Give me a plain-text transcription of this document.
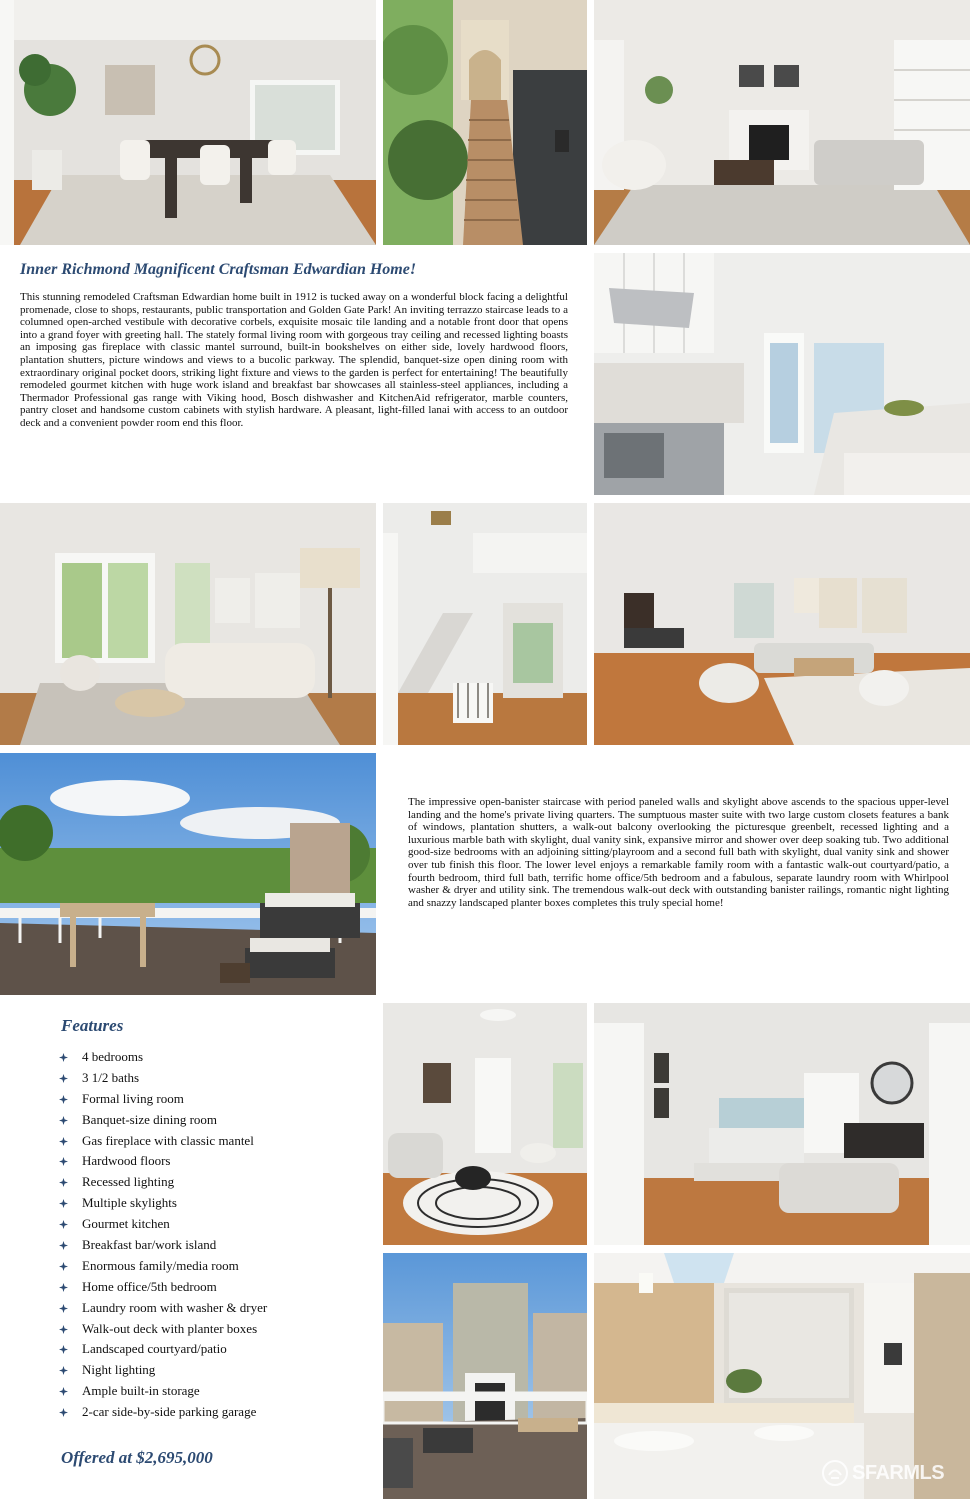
Inner Richmond Magnificent Craftsman Edwardian Home!

This stunning remodeled Craftsman Edwardian home built in 1912 is tucked away on a wonderful block facing a delightful promenade, close to shops, restaurants, public transportation and Golden Gate Park! An inviting terrazzo staircase leads to a columned open-arched vestibule with decorative corbels, exquisite mosaic tile landing and a notable front door that opens into a grand foyer with greeting hall. The stately formal living room with gorgeous tray ceiling and recessed lighting boasts an imposing gas fireplace with classic mantel surround, built-in bookshelves on either side, lovely hardwood floors, plantation shutters, picture windows and views to a bucolic parkway. The splendid, banquet-size open dining room with extraordinary original pocket doors, striking light fixture and views to the garden is perfect for entertaining! The beautifully remodeled gourmet kitchen with huge work island and breakfast bar showcases all stainless-steel appliances, including a Thermador Professional gas range with Viking hood, Bosch dishwasher and KitchenAid refrigerator, marble counters, pantry closet and handsome custom cabinets with stylish hardware. A pleasant, light-filled lanai with access to an outdoor deck and a convenient powder room end this floor.

The impressive open-banister staircase with period paneled walls and skylight above ascends to the spacious upper-level landing and the home's private living quarters. The sumptuous master suite with two large custom closets features a bank of windows, plantation shutters, a walk-out balcony overlooking the picturesque greenbelt, recessed lighting and a luxurious marble bath with skylight, dual vanity sink, expansive mirror and shower over deep soaking tub. Two additional good-size bedrooms with an adjoining sitting/playroom and a second full bath with skylight, dual vanity sink and shower over tub finish this floor. The lower level enjoys a remarkable family room with a fantastic walk-out courtyard/patio, a fourth bedroom, third full bath, terrific home office/5th bedroom and a fabulous, separate laundry room with Whirlpool washer & dryer and utility sink. The tremendous walk-out deck with outstanding banister railings, romantic night lighting and snazzy landscaped planter boxes completes this truly special home!

Features
4 bedrooms
3 1/2 baths
Formal living room
Banquet-size dining room
Gas fireplace with classic mantel
Hardwood floors
Recessed lighting
Multiple skylights
Gourmet kitchen
Breakfast bar/work island
Enormous family/media room
Home office/5th bedroom
Laundry room with washer & dryer
Walk-out deck with planter boxes
Landscaped courtyard/patio
Night lighting
Ample built-in storage
2-car side-by-side parking garage

Offered at $2,695,000

SFARMLS
